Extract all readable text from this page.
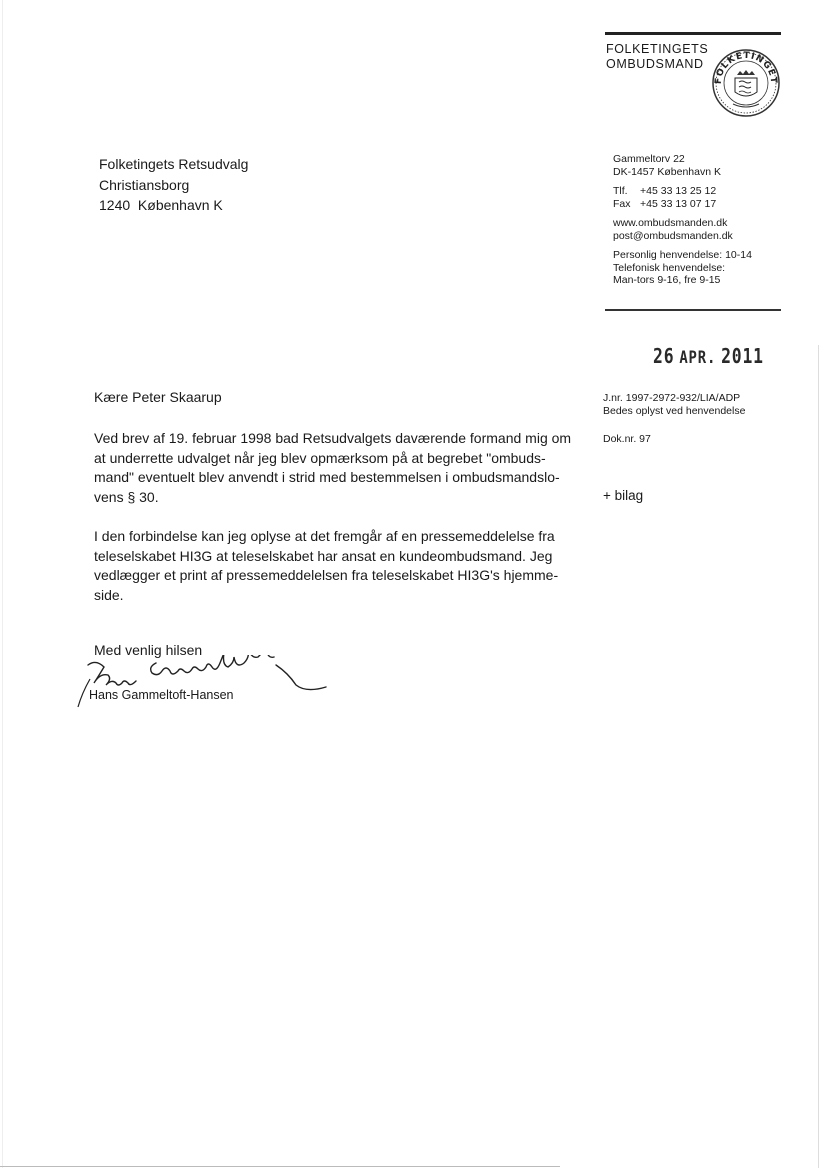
FOLKETINGETS
OMBUDSMAND
FOLKETINGET
Folketingets Retsudvalg
Christiansborg
1240  København K
Gammeltorv 22
DK-1457 København K
Tlf.	+45 33 13 25 12
Fax +45 33 13 07 17
www.ombudsmanden.dk
post@ombudsmanden.dk
Personlig henvendelse: 10-14
Telefonisk henvendelse:
Man-tors 9-16, fre 9-15
26 APR. 2011
J.nr. 1997-2972-932/LIA/ADP
Bedes oplyst ved henvendelse
Dok.nr. 97
+ bilag
Kære Peter Skaarup

Ved brev af 19. februar 1998 bad Retsudvalgets daværende formand mig om
at underrette udvalget når jeg blev opmærksom på at begrebet "ombuds-
mand" eventuelt blev anvendt i strid med bestemmelsen i ombudsmandslo-
vens § 30.

I den forbindelse kan jeg oplyse at det fremgår af en pressemeddelelse fra
teleselskabet HI3G at teleselskabet har ansat en kundeombudsmand. Jeg
vedlægger et print af pressemeddelelsen fra teleselskabet HI3G's hjemme-
side.

Med venlig hilsen
Hans Gammeltoft-Hansen
